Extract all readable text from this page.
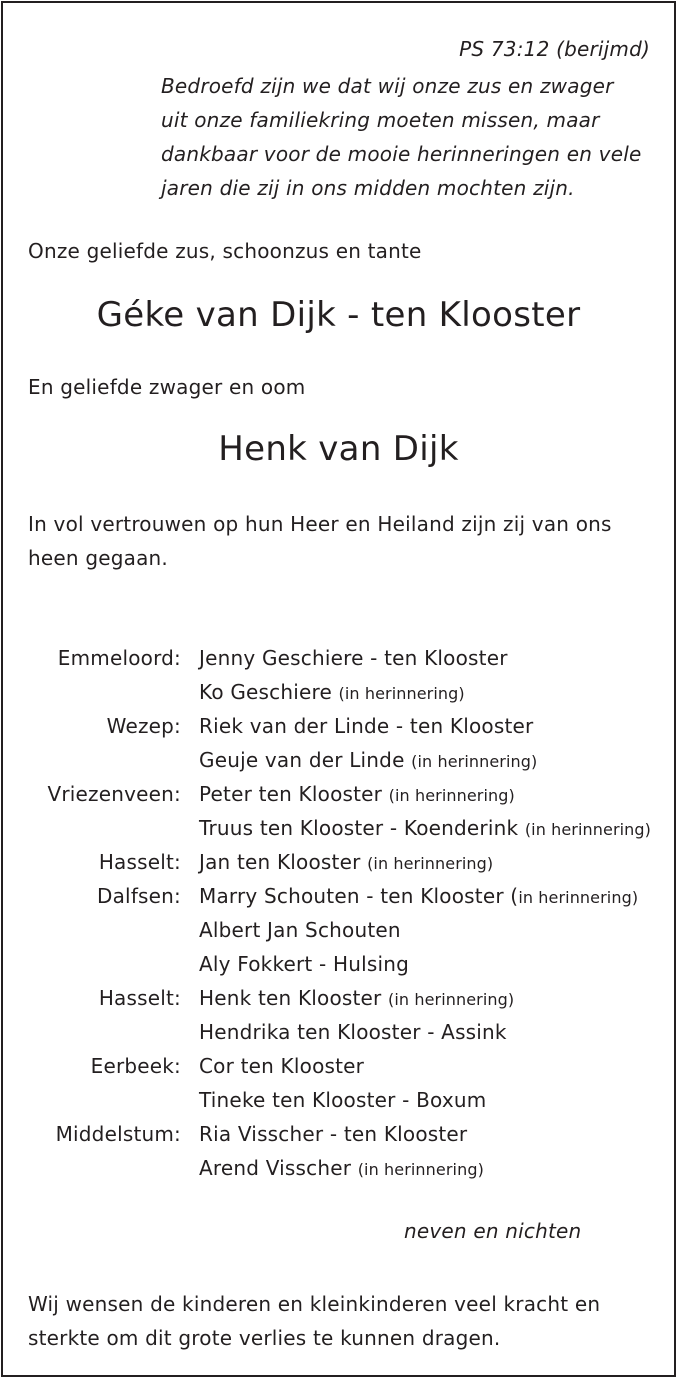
PS 73:12 (berijmd)
Bedroefd zijn we dat wij onze zus en zwager
uit onze familiekring moeten missen, maar
dankbaar voor de mooie herinneringen en vele
jaren die zij in ons midden mochten zijn.
Onze geliefde zus, schoonzus en tante
Géke van Dijk - ten Klooster
En geliefde zwager en oom
Henk van Dijk
In vol vertrouwen op hun Heer en Heiland zijn zij van ons
heen gegaan.
Emmeloord: Jenny Geschiere - ten Klooster
Ko Geschiere (in herinnering)
Wezep: Riek van der Linde - ten Klooster
Geuje van der Linde (in herinnering)
Vriezenveen: Peter ten Klooster (in herinnering)
Truus ten Klooster - Koenderink (in herinnering)
Hasselt: Jan ten Klooster (in herinnering)
Dalfsen: Marry Schouten - ten Klooster (in herinnering)
Albert Jan Schouten
Aly Fokkert - Hulsing
Hasselt: Henk ten Klooster (in herinnering)
Hendrika ten Klooster - Assink
Eerbeek: Cor ten Klooster
Tineke ten Klooster - Boxum
Middelstum: Ria Visscher - ten Klooster
Arend Visscher (in herinnering)
neven en nichten
Wij wensen de kinderen en kleinkinderen veel kracht en
sterkte om dit grote verlies te kunnen dragen.
